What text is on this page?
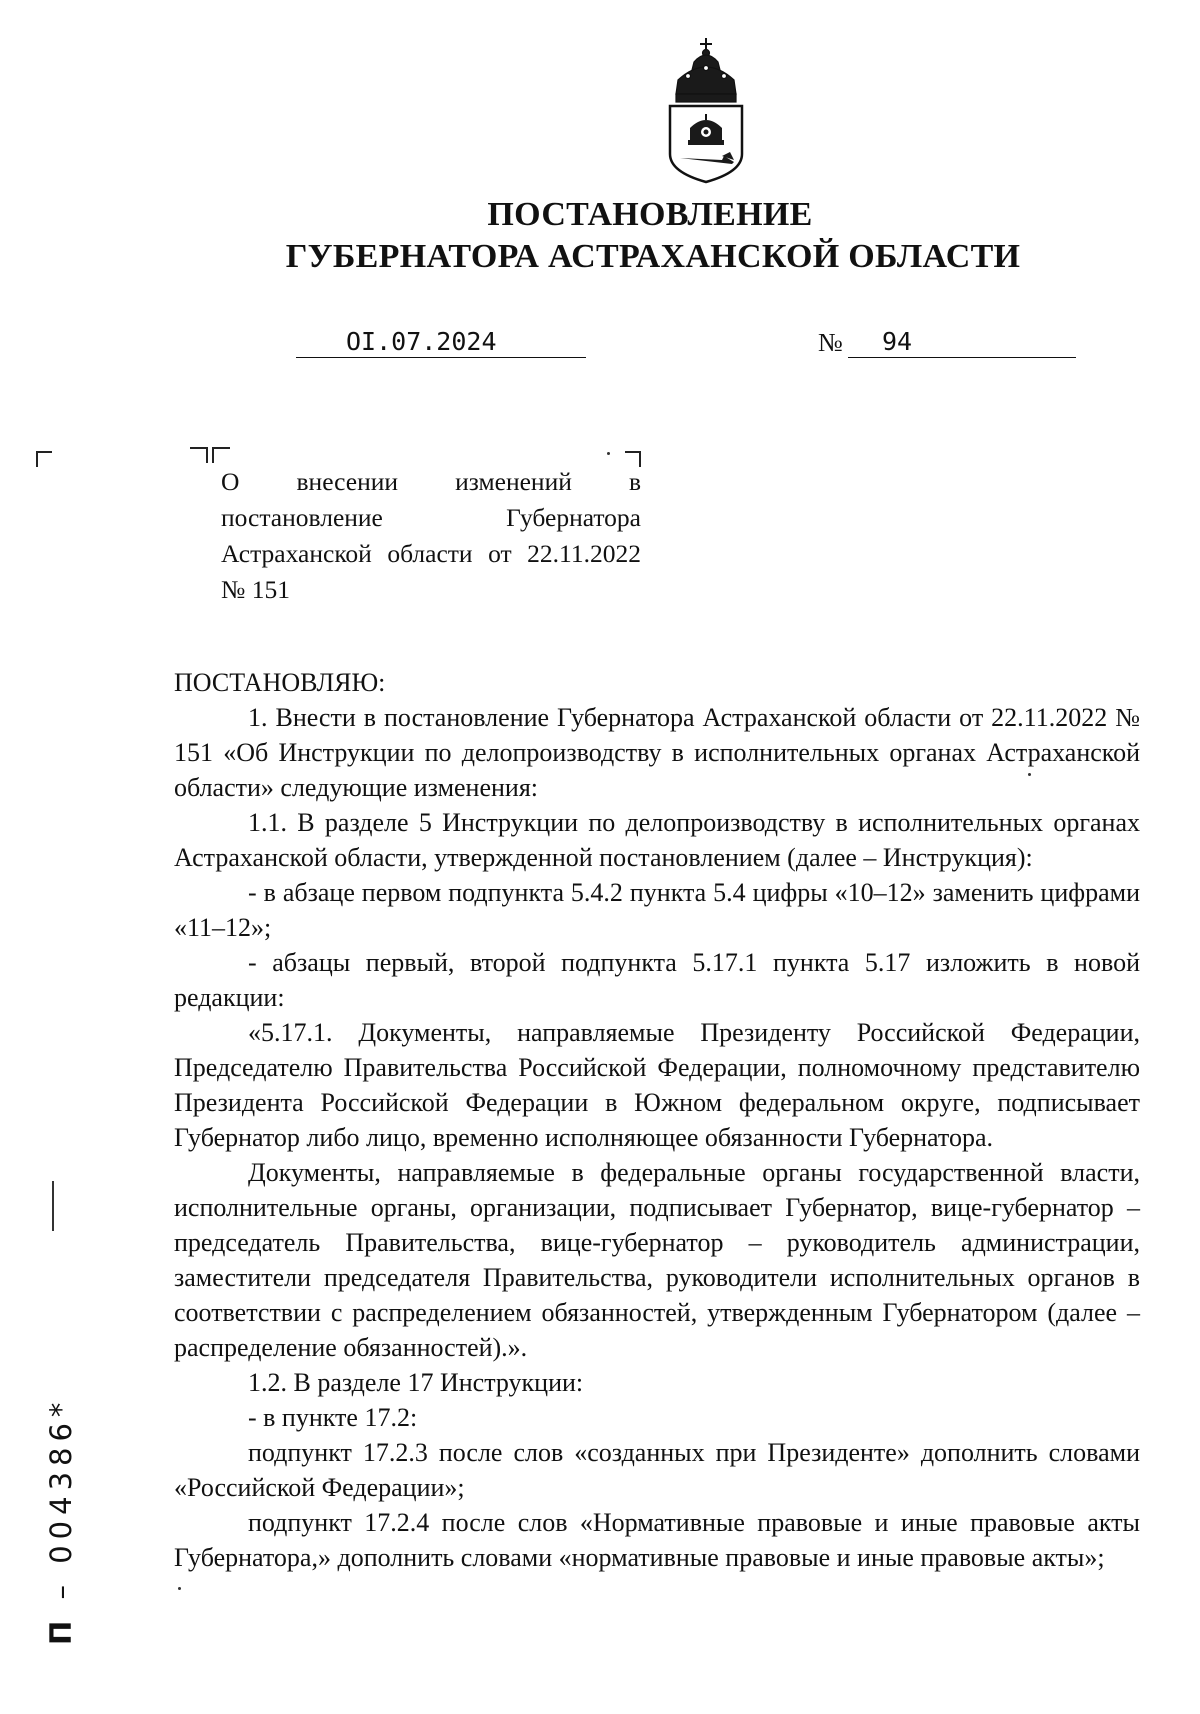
ПОСТАНОВЛЕНИЕ
ГУБЕРНАТОРА АСТРАХАНСКОЙ ОБЛАСТИ
OI.07.2024	№	94

О внесении изменений в постановление Губернатора Астраханской области от 22.11.2022 № 151

ПОСТАНОВЛЯЮ:

1. Внести в постановление Губернатора Астраханской области от 22.11.2022 № 151 «Об Инструкции по делопроизводству в исполнительных органах Астраханской области» следующие изменения:

1.1. В разделе 5 Инструкции по делопроизводству в исполнительных органах Астраханской области, утвержденной постановлением (далее – Инструкция):

- в абзаце первом подпункта 5.4.2 пункта 5.4 цифры «10–12» заменить цифрами «11–12»;

- абзацы первый, второй подпункта 5.17.1 пункта 5.17 изложить в новой редакции:

«5.17.1. Документы, направляемые Президенту Российской Федерации, Председателю Правительства Российской Федерации, полномочному представителю Президента Российской Федерации в Южном федеральном округе, подписывает Губернатор либо лицо, временно исполняющее обязанности Губернатора.

Документы, направляемые в федеральные органы государственной власти, исполнительные органы, организации, подписывает Губернатор, вице-губернатор – председатель Правительства, вице-губернатор – руководитель администрации, заместители председателя Правительства, руководители исполнительных органов в соответствии с распределением обязанностей, утвержденным Губернатором (далее – распределение обязанностей).».

1.2. В разделе 17 Инструкции:

- в пункте 17.2:

подпункт 17.2.3 после слов «созданных при Президенте» дополнить словами «Российской Федерации»;

подпункт 17.2.4 после слов «Нормативные правовые и иные правовые акты Губернатора,» дополнить словами «нормативные правовые и иные правовые акты»;

П – 004386*
